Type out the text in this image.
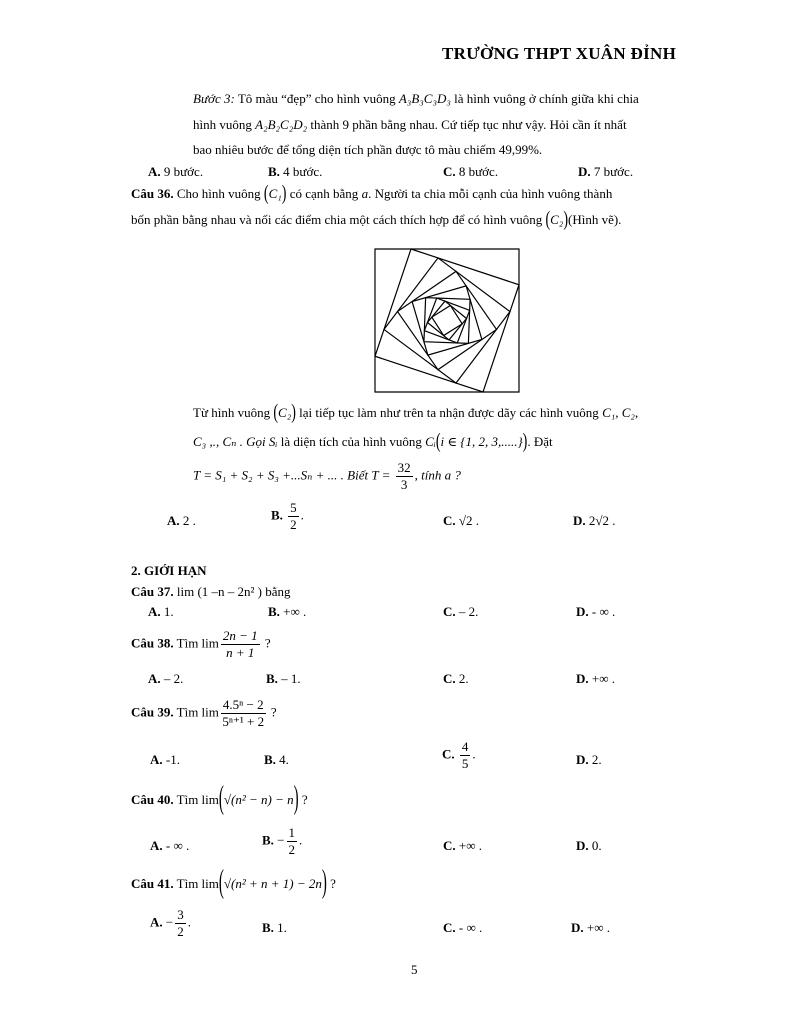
TRƯỜNG THPT XUÂN ĐỈNH
Bước 3: Tô màu “đẹp” cho hình vuông A₃B₃C₃D₃ là hình vuông ở chính giữa khi chia
hình vuông A₂B₂C₂D₂ thành 9 phần bằng nhau. Cứ tiếp tục như vậy. Hỏi cần ít nhất
bao nhiêu bước để tổng diện tích phần được tô màu chiếm 49,99%.
A. 9 bước.	B. 4 bước.	C. 8 bước.	D. 7 bước.
Câu 36. Cho hình vuông (C₁) có cạnh bằng a. Người ta chia mỗi cạnh của hình vuông thành
bốn phần bằng nhau và nối các điểm chia một cách thích hợp để có hình vuông (C₂)(Hình vẽ).
Từ hình vuông (C₂) lại tiếp tục làm như trên ta nhận được dãy các hình vuông C₁, C₂,
C₃ ,., Cₙ . Gọi Sᵢ là diện tích của hình vuông Cᵢ(i ∈ {1, 2, 3,.....}). Đặt
T = S₁ + S₂ + S₃ +...Sₙ + ... . Biết $T = \frac{32}{3}$ , tính a ?
A. 2 .	B. $\frac{5}{2}$ .	C. √2 .	D. 2√2 .
2. GIỚI HẠN
Câu 37. lim (1 –n – 2n² ) bằng
A. 1.	B. +∞ .	C. – 2.	D. - ∞ .
Câu 38. Tìm $\lim \frac{2n - 1}{n + 1}$ ?
A. – 2.	B. – 1.	C. 2.	D. +∞ .
Câu 39. Tìm $\lim \frac{\text{4.5ⁿ − 2}}{\text{5ⁿ⁺¹ + 2}}$ ?
A. -1.	B. 4.	C. $\frac{4}{5}$ .	D. 2.
Câu 40. Tìm lim(√(n² − n) − n) ?
A. - ∞ .	B. − $\frac{1}{2}$ .	C. +∞ .	D. 0.
Câu 41. Tìm lim(√(n² + n + 1) − 2n) ?
A. − $\frac{3}{2}$ .	B. 1.	C. - ∞ .	D. +∞ .
5
